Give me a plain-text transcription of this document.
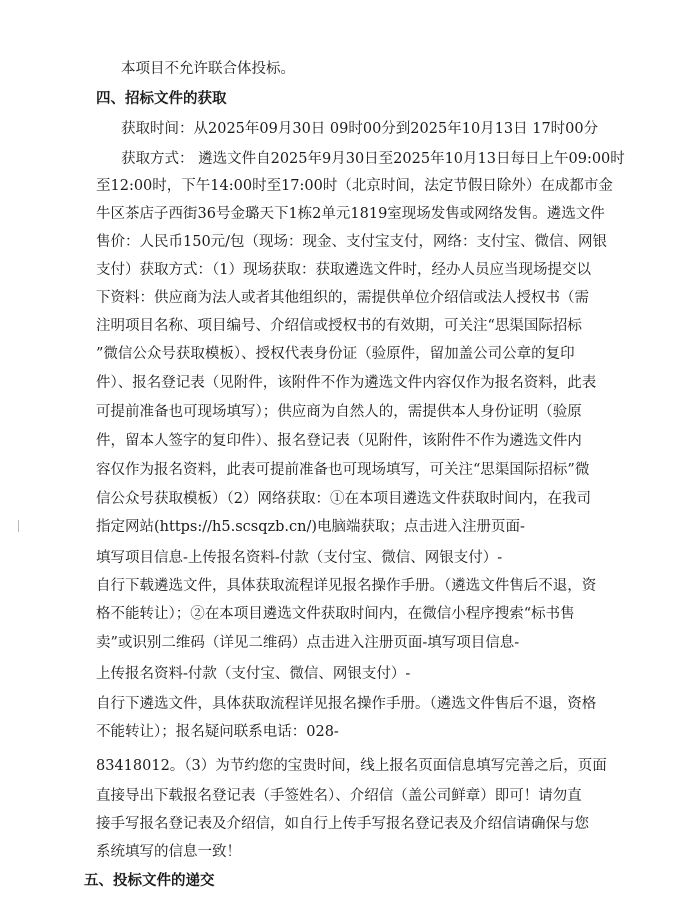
本项目不允许联合体投标。
四、招标文件的获取
获取时间：从2025年09月30日 09时00分到2025年10月13日 17时00分
获取方式： 遴选文件自2025年9月30日至2025年10月13日每日上午09:00时
至12:00时，下午14:00时至17:00时（北京时间，法定节假日除外）在成都市金
牛区茶店子西街36号金璐天下1栋2单元1819室现场发售或网络发售。遴选文件
售价：人民币150元/包（现场：现金、支付宝支付，网络：支付宝、微信、网银
支付）获取方式：（1）现场获取：获取遴选文件时，经办人员应当现场提交以
下资料：供应商为法人或者其他组织的，需提供单位介绍信或法人授权书（需
注明项目名称、项目编号、介绍信或授权书的有效期，可关注“思渠国际招标
”微信公众号获取模板）、授权代表身份证（验原件，留加盖公司公章的复印
件）、报名登记表（见附件，该附件不作为遴选文件内容仅作为报名资料，此表
可提前准备也可现场填写）；供应商为自然人的，需提供本人身份证明（验原
件，留本人签字的复印件）、报名登记表（见附件，该附件不作为遴选文件内
容仅作为报名资料，此表可提前准备也可现场填写，可关注“思渠国际招标”微
信公众号获取模板）（2）网络获取：①在本项目遴选文件获取时间内，在我司
指定网站(https://h5.scsqzb.cn/)电脑端获取；点击进入注册页面-
填写项目信息-上传报名资料-付款（支付宝、微信、网银支付）-
自行下载遴选文件，具体获取流程详见报名操作手册。（遴选文件售后不退，资
格不能转让）；②在本项目遴选文件获取时间内，在微信小程序搜索“标书售
卖”或识别二维码（详见二维码）点击进入注册页面-填写项目信息-
上传报名资料-付款（支付宝、微信、网银支付）-
自行下遴选文件，具体获取流程详见报名操作手册。（遴选文件售后不退，资格
不能转让）；报名疑问联系电话：028-
83418012。（3）为节约您的宝贵时间，线上报名页面信息填写完善之后，页面
直接导出下载报名登记表（手签姓名）、介绍信（盖公司鲜章）即可！请勿直
接手写报名登记表及介绍信，如自行上传手写报名登记表及介绍信请确保与您
系统填写的信息一致！
五、投标文件的递交
